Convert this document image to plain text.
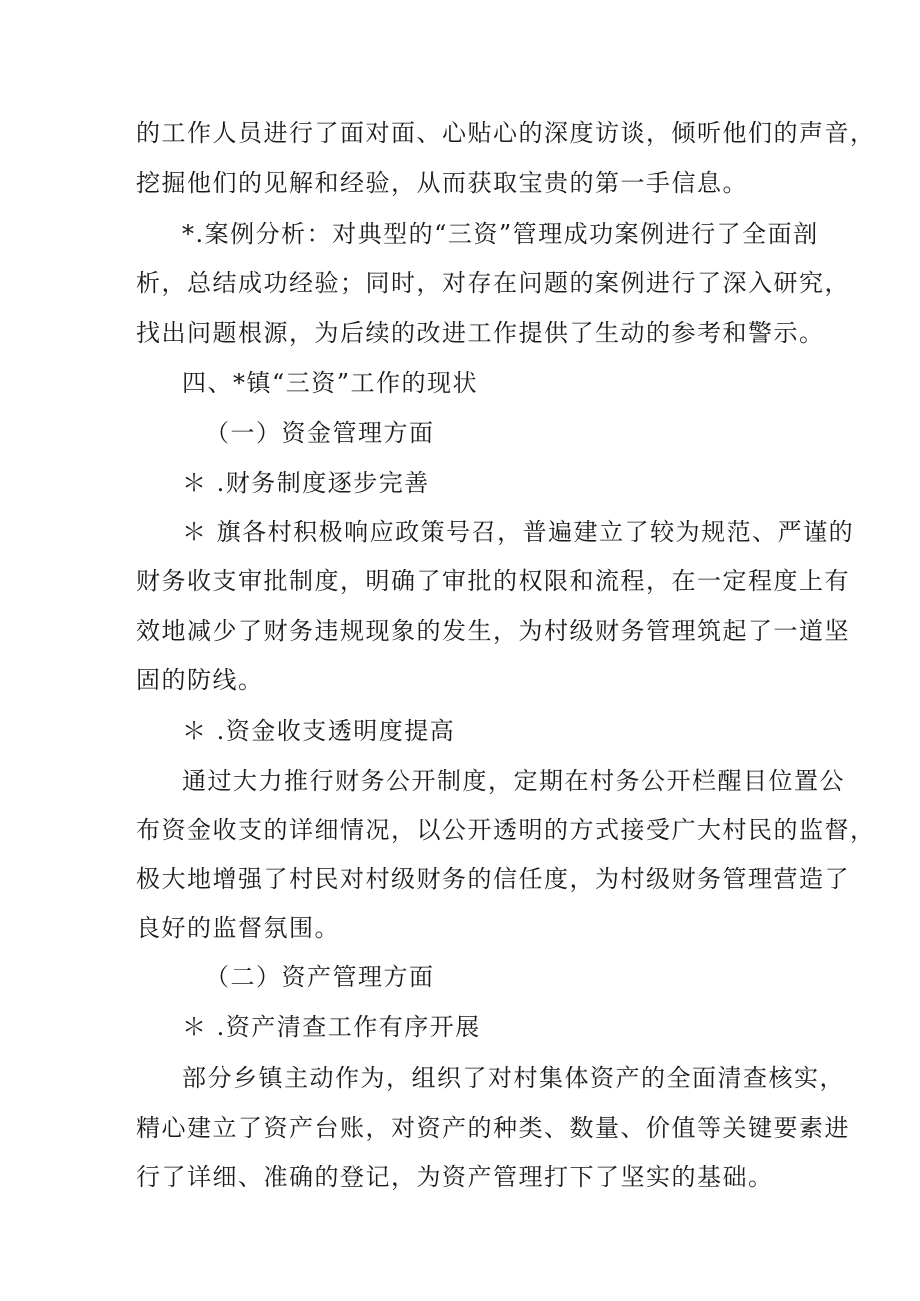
的工作人员进行了面对面、心贴心的深度访谈，倾听他们的声音，
挖掘他们的见解和经验，从而获取宝贵的第一手信息。
*.案例分析：对典型的“三资”管理成功案例进行了全面剖
析，总结成功经验；同时，对存在问题的案例进行了深入研究，
找出问题根源，为后续的改进工作提供了生动的参考和警示。
四、*镇“三资”工作的现状
（一）资金管理方面
＊ .财务制度逐步完善
＊ 旗各村积极响应政策号召，普遍建立了较为规范、严谨的
财务收支审批制度，明确了审批的权限和流程，在一定程度上有
效地减少了财务违规现象的发生，为村级财务管理筑起了一道坚
固的防线。
＊ .资金收支透明度提高
通过大力推行财务公开制度，定期在村务公开栏醒目位置公
布资金收支的详细情况，以公开透明的方式接受广大村民的监督，
极大地增强了村民对村级财务的信任度，为村级财务管理营造了
良好的监督氛围。
（二）资产管理方面
＊ .资产清查工作有序开展
部分乡镇主动作为，组织了对村集体资产的全面清查核实，
精心建立了资产台账，对资产的种类、数量、价值等关键要素进
行了详细、准确的登记，为资产管理打下了坚实的基础。
